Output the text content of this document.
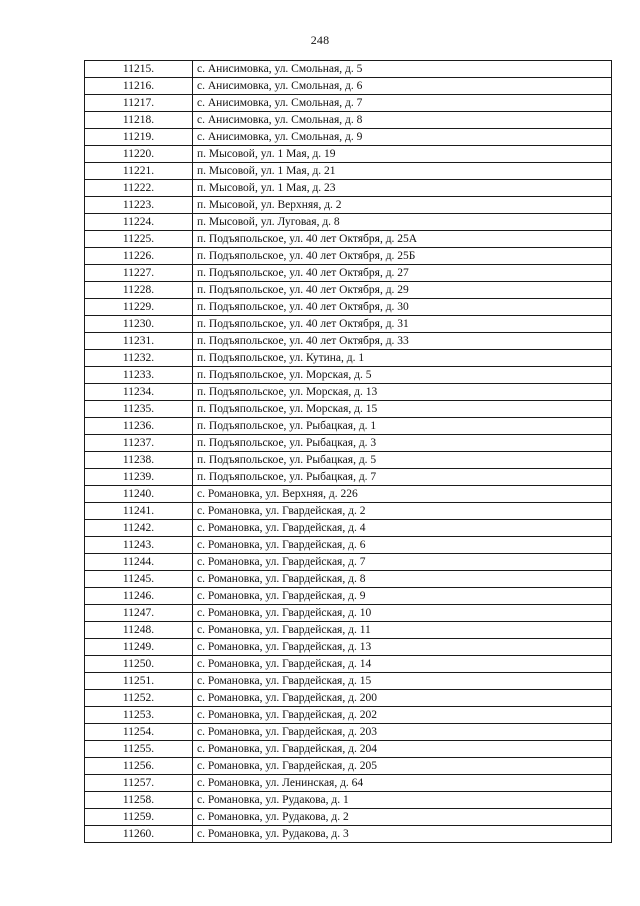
248
11215.	с. Анисимовка, ул. Смольная, д. 5
11216.	с. Анисимовка, ул. Смольная, д. 6
11217.	с. Анисимовка, ул. Смольная, д. 7
11218.	с. Анисимовка, ул. Смольная, д. 8
11219.	с. Анисимовка, ул. Смольная, д. 9
11220.	п. Мысовой, ул. 1 Мая, д. 19
11221.	п. Мысовой, ул. 1 Мая, д. 21
11222.	п. Мысовой, ул. 1 Мая, д. 23
11223.	п. Мысовой, ул. Верхняя, д. 2
11224.	п. Мысовой, ул. Луговая, д. 8
11225.	п. Подъяпольское, ул. 40 лет Октября, д. 25А
11226.	п. Подъяпольское, ул. 40 лет Октября, д. 25Б
11227.	п. Подъяпольское, ул. 40 лет Октября, д. 27
11228.	п. Подъяпольское, ул. 40 лет Октября, д. 29
11229.	п. Подъяпольское, ул. 40 лет Октября, д. 30
11230.	п. Подъяпольское, ул. 40 лет Октября, д. 31
11231.	п. Подъяпольское, ул. 40 лет Октября, д. 33
11232.	п. Подъяпольское, ул. Кутина, д. 1
11233.	п. Подъяпольское, ул. Морская, д. 5
11234.	п. Подъяпольское, ул. Морская, д. 13
11235.	п. Подъяпольское, ул. Морская, д. 15
11236.	п. Подъяпольское, ул. Рыбацкая, д. 1
11237.	п. Подъяпольское, ул. Рыбацкая, д. 3
11238.	п. Подъяпольское, ул. Рыбацкая, д. 5
11239.	п. Подъяпольское, ул. Рыбацкая, д. 7
11240.	с. Романовка, ул. Верхняя, д. 226
11241.	с. Романовка, ул. Гвардейская, д. 2
11242.	с. Романовка, ул. Гвардейская, д. 4
11243.	с. Романовка, ул. Гвардейская, д. 6
11244.	с. Романовка, ул. Гвардейская, д. 7
11245.	с. Романовка, ул. Гвардейская, д. 8
11246.	с. Романовка, ул. Гвардейская, д. 9
11247.	с. Романовка, ул. Гвардейская, д. 10
11248.	с. Романовка, ул. Гвардейская, д. 11
11249.	с. Романовка, ул. Гвардейская, д. 13
11250.	с. Романовка, ул. Гвардейская, д. 14
11251.	с. Романовка, ул. Гвардейская, д. 15
11252.	с. Романовка, ул. Гвардейская, д. 200
11253.	с. Романовка, ул. Гвардейская, д. 202
11254.	с. Романовка, ул. Гвардейская, д. 203
11255.	с. Романовка, ул. Гвардейская, д. 204
11256.	с. Романовка, ул. Гвардейская, д. 205
11257.	с. Романовка, ул. Ленинская, д. 64
11258.	с. Романовка, ул. Рудакова, д. 1
11259.	с. Романовка, ул. Рудакова, д. 2
11260.	с. Романовка, ул. Рудакова, д. 3
